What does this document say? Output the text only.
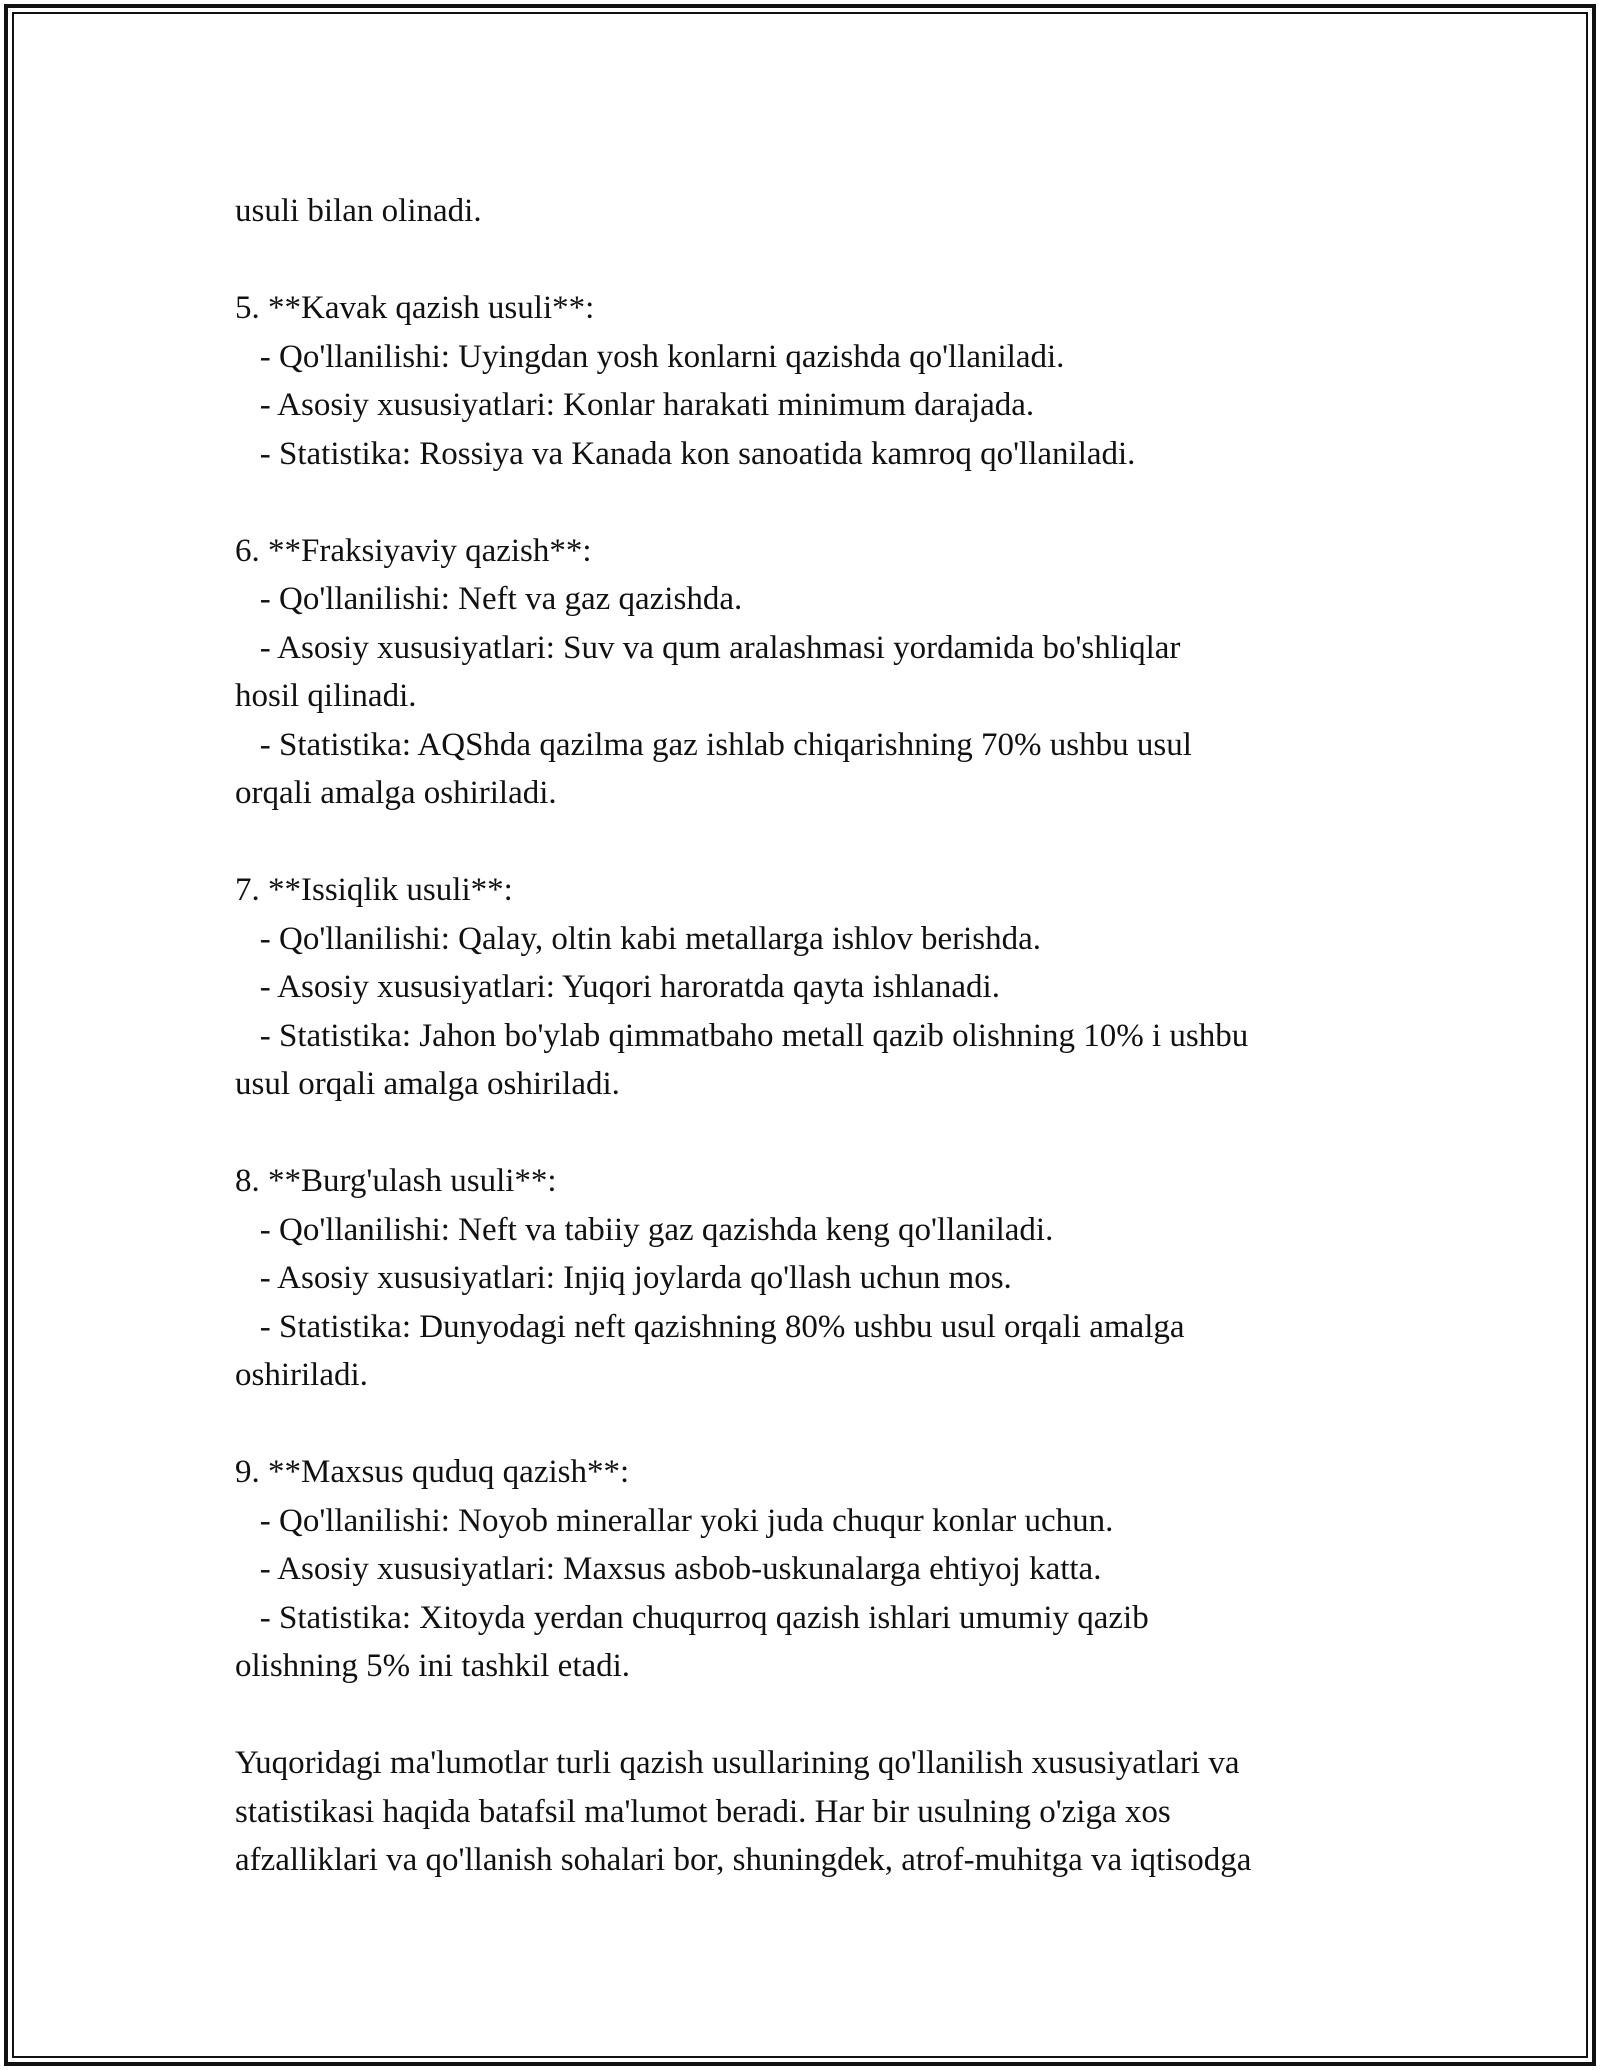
usuli bilan olinadi.
5. **Kavak qazish usuli**:
- Qo'llanilishi: Uyingdan yosh konlarni qazishda qo'llaniladi.
- Asosiy xususiyatlari: Konlar harakati minimum darajada.
- Statistika: Rossiya va Kanada kon sanoatida kamroq qo'llaniladi.
6. **Fraksiyaviy qazish**:
- Qo'llanilishi: Neft va gaz qazishda.
- Asosiy xususiyatlari: Suv va qum aralashmasi yordamida bo'shliqlar
hosil qilinadi.
- Statistika: AQShda qazilma gaz ishlab chiqarishning 70% ushbu usul
orqali amalga oshiriladi.
7. **Issiqlik usuli**:
- Qo'llanilishi: Qalay, oltin kabi metallarga ishlov berishda.
- Asosiy xususiyatlari: Yuqori haroratda qayta ishlanadi.
- Statistika: Jahon bo'ylab qimmatbaho metall qazib olishning 10% i ushbu
usul orqali amalga oshiriladi.
8. **Burg'ulash usuli**:
- Qo'llanilishi: Neft va tabiiy gaz qazishda keng qo'llaniladi.
- Asosiy xususiyatlari: Injiq joylarda qo'llash uchun mos.
- Statistika: Dunyodagi neft qazishning 80% ushbu usul orqali amalga
oshiriladi.
9. **Maxsus quduq qazish**:
- Qo'llanilishi: Noyob minerallar yoki juda chuqur konlar uchun.
- Asosiy xususiyatlari: Maxsus asbob-uskunalarga ehtiyoj katta.
- Statistika: Xitoyda yerdan chuqurroq qazish ishlari umumiy qazib
olishning 5% ini tashkil etadi.
Yuqoridagi ma'lumotlar turli qazish usullarining qo'llanilish xususiyatlari va
statistikasi haqida batafsil ma'lumot beradi. Har bir usulning o'ziga xos
afzalliklari va qo'llanish sohalari bor, shuningdek, atrof-muhitga va iqtisodga
